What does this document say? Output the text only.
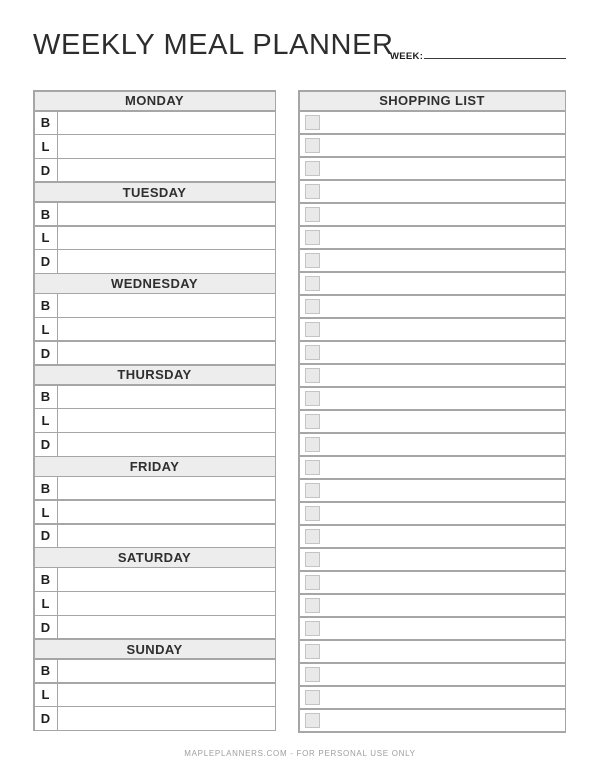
WEEKLY MEAL PLANNER
WEEK:
MONDAY
B
L
D
TUESDAY
B
L
D
WEDNESDAY
B
L
D
THURSDAY
B
L
D
FRIDAY
B
L
D
SATURDAY
B
L
D
SUNDAY
B
L
D
SHOPPING LIST
MAPLEPLANNERS.COM - FOR PERSONAL USE ONLY
